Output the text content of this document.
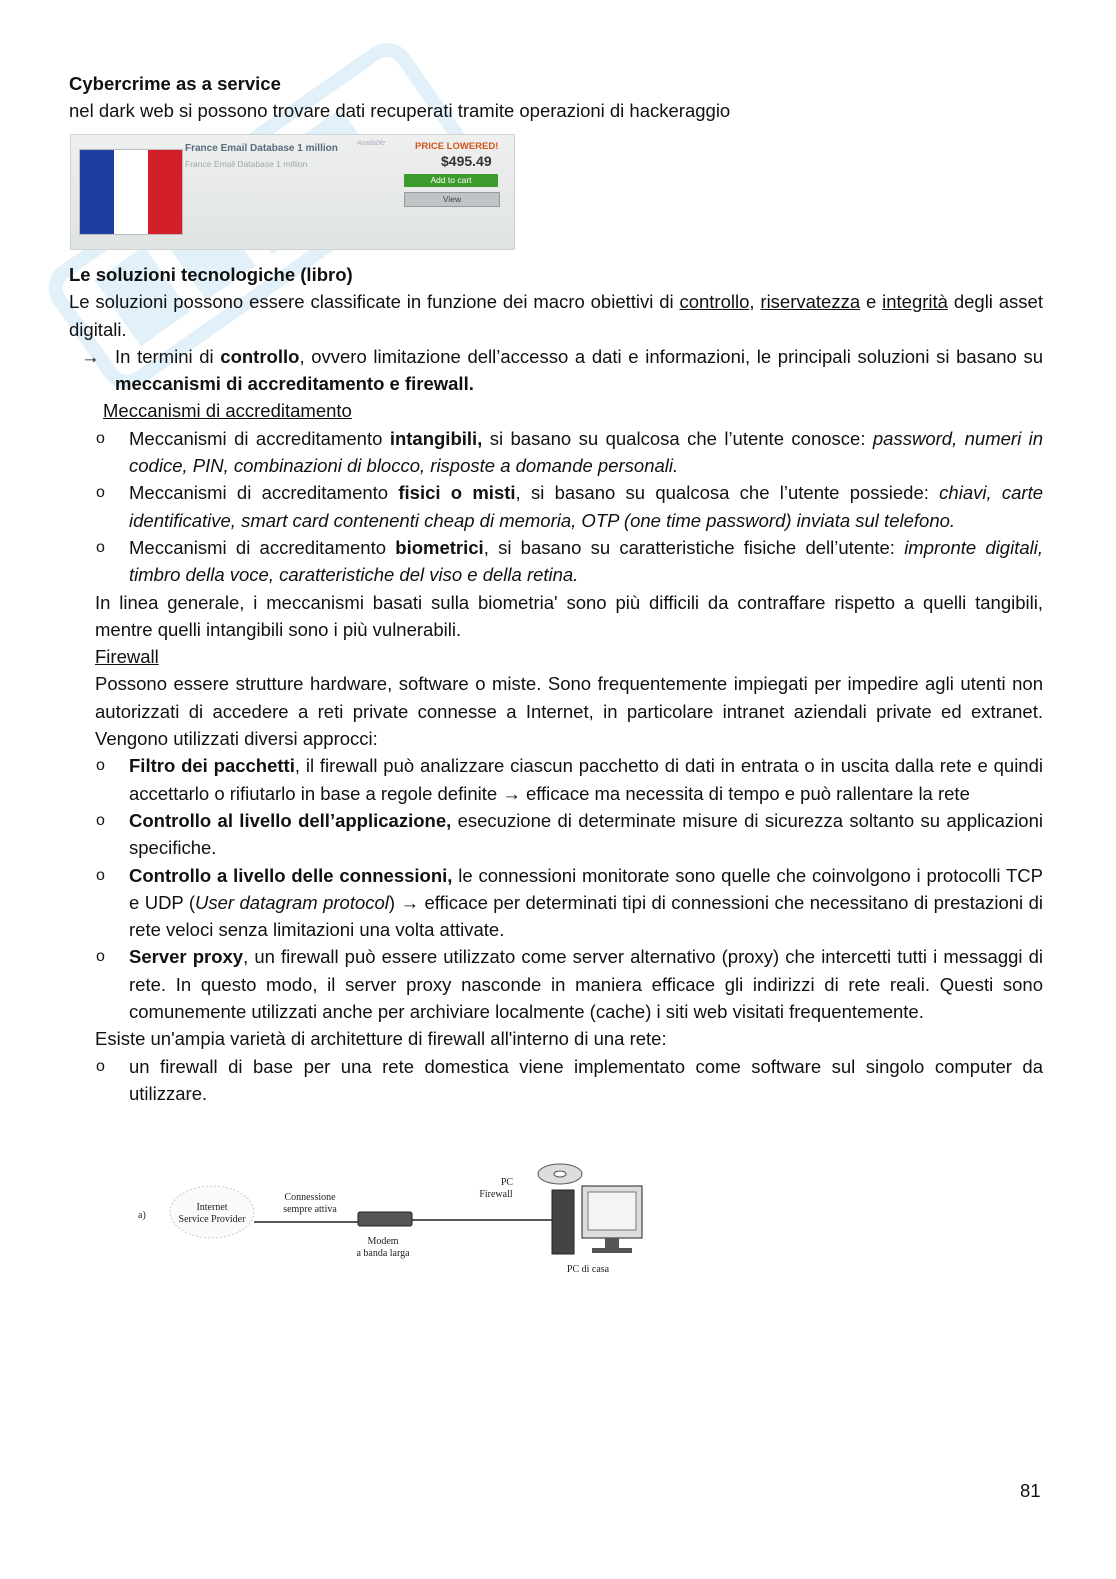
Cybercrime as a service

nel dark web si possono trovare dati recuperati tramite operazioni di hackeraggio

France Email Database 1 million
France Email Database 1 million
Available	PRICE LOWERED!
$495.49
Add to cart
View

Le soluzioni tecnologiche (libro)

Le soluzioni possono essere classificate in funzione dei macro obiettivi di controllo, riservatezza e integrità degli asset digitali.

→ In termini di controllo, ovvero limitazione dell’accesso a dati e informazioni, le principali soluzioni si basano su meccanismi di accreditamento e firewall.

Meccanismi di accreditamento

o Meccanismi di accreditamento intangibili, si basano su qualcosa che l’utente conosce: password, numeri in codice, PIN, combinazioni di blocco, risposte a domande personali.

o Meccanismi di accreditamento fisici o misti, si basano su qualcosa che l’utente possiede: chiavi, carte identificative, smart card contenenti cheap di memoria, OTP (one time password) inviata sul telefono.

o Meccanismi di accreditamento biometrici, si basano su caratteristiche fisiche dell’utente: impronte digitali, timbro della voce, caratteristiche del viso e della retina.

In linea generale, i meccanismi basati sulla biometria' sono più difficili da contraffare rispetto a quelli tangibili, mentre quelli intangibili sono i più vulnerabili.

Firewall

Possono essere strutture hardware, software o miste. Sono frequentemente impiegati per impedire agli utenti non autorizzati di accedere a reti private connesse a Internet, in particolare intranet aziendali private ed extranet. Vengono utilizzati diversi approcci:

o Filtro dei pacchetti, il firewall può analizzare ciascun pacchetto di dati in entrata o in uscita dalla rete e quindi accettarlo o rifiutarlo in base a regole definite → efficace ma necessita di tempo e può rallentare la rete

o Controllo al livello dell’applicazione, esecuzione di determinate misure di sicurezza soltanto su applicazioni specifiche.

o Controllo a livello delle connessioni, le connessioni monitorate sono quelle che coinvolgono i protocolli TCP e UDP (User datagram protocol) → efficace per determinati tipi di connessioni che necessitano di prestazioni di rete veloci senza limitazioni una volta attivate.

o Server proxy, un firewall può essere utilizzato come server alternativo (proxy) che intercetti tutti i messaggi di rete. In questo modo, il server proxy nasconde in maniera efficace gli indirizzi di rete reali. Questi sono comunemente utilizzati anche per archiviare localmente (cache) i siti web visitati frequentemente.

Esiste un'ampia varietà di architetture di firewall all'interno di una rete:

o un firewall di base per una rete domestica viene implementato come software sul singolo computer da utilizzare.

a)
Internet
Service Provider
Connessione
sempre attiva
Modem
a banda larga
PC
Firewall
PC di casa
81
